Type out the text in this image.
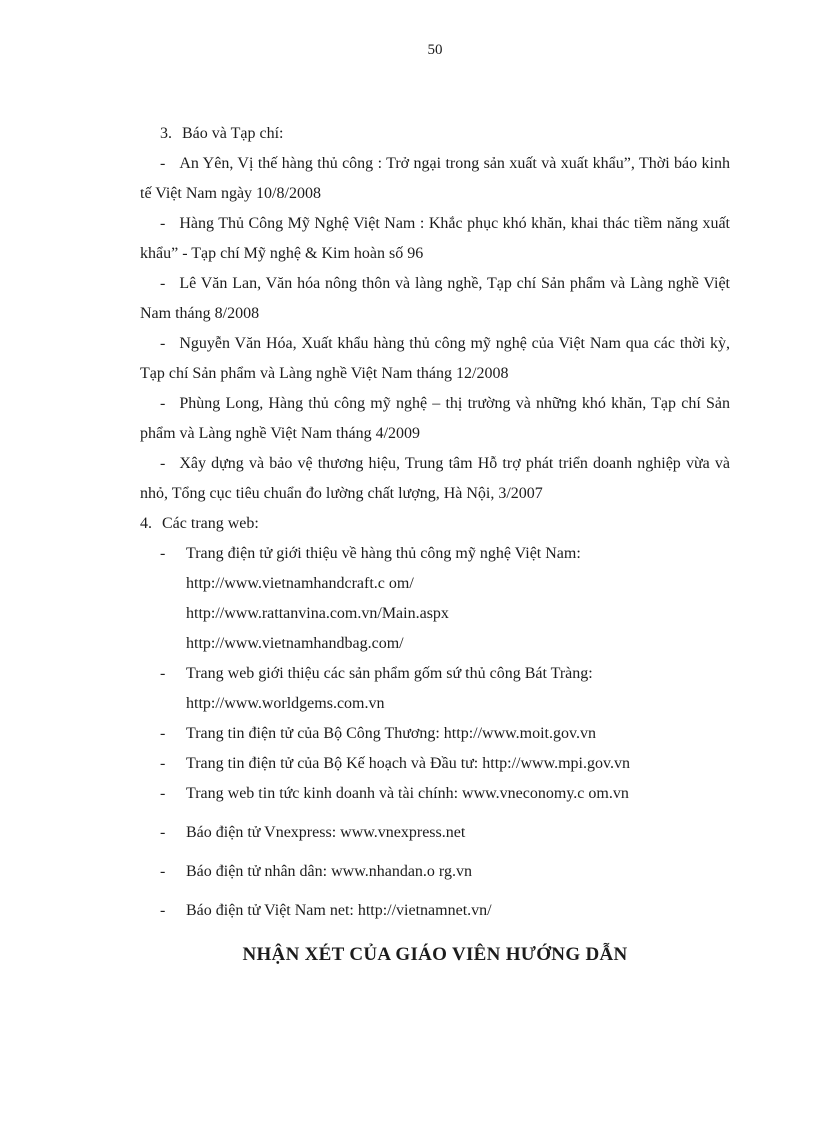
50

3. Báo và Tạp chí:

- An Yên, Vị thế hàng thủ công : Trở ngại trong sản xuất và xuất khẩu”, Thời báo kinh tế Việt Nam ngày 10/8/2008

- Hàng Thủ Công Mỹ Nghệ Việt Nam : Khắc phục khó khăn, khai thác tiềm năng xuất khẩu” - Tạp chí Mỹ nghệ & Kim hoàn số 96

- Lê Văn Lan, Văn hóa nông thôn và làng nghề, Tạp chí Sản phẩm và Làng nghề Việt Nam tháng 8/2008

- Nguyễn Văn Hóa, Xuất khẩu hàng thủ công mỹ nghệ của Việt Nam qua các thời kỳ, Tạp chí Sản phẩm và Làng nghề Việt Nam tháng 12/2008

- Phùng Long, Hàng thủ công mỹ nghệ – thị trường và những khó khăn, Tạp chí Sản phẩm và Làng nghề Việt Nam tháng 4/2009

- Xây dựng và bảo vệ thương hiệu, Trung tâm Hỗ trợ phát triển doanh nghiệp vừa và nhỏ, Tổng cục tiêu chuẩn đo lường chất lượng, Hà Nội, 3/2007

4. Các trang web:

-	Trang điện tử giới thiệu về hàng thủ công mỹ nghệ Việt Nam:

http://www.vietnamhandcraft.c om/

http://www.rattanvina.com.vn/Main.aspx

http://www.vietnamhandbag.com/

-	Trang web giới thiệu các sản phẩm gốm sứ thủ công Bát Tràng:

http://www.worldgems.com.vn

-	Trang tin điện tử của Bộ Công Thương: http://www.moit.gov.vn

-	Trang tin điện tử của Bộ Kế hoạch và Đầu tư: http://www.mpi.gov.vn

-	Trang web tin tức kinh doanh và tài chính: www.vneconomy.c om.vn

-	Báo điện tử Vnexpress: www.vnexpress.net

-	Báo điện tử nhân dân: www.nhandan.o rg.vn

-	Báo điện tử Việt Nam net: http://vietnamnet.vn/

NHẬN XÉT CỦA GIÁO VIÊN HƯỚNG DẪN
